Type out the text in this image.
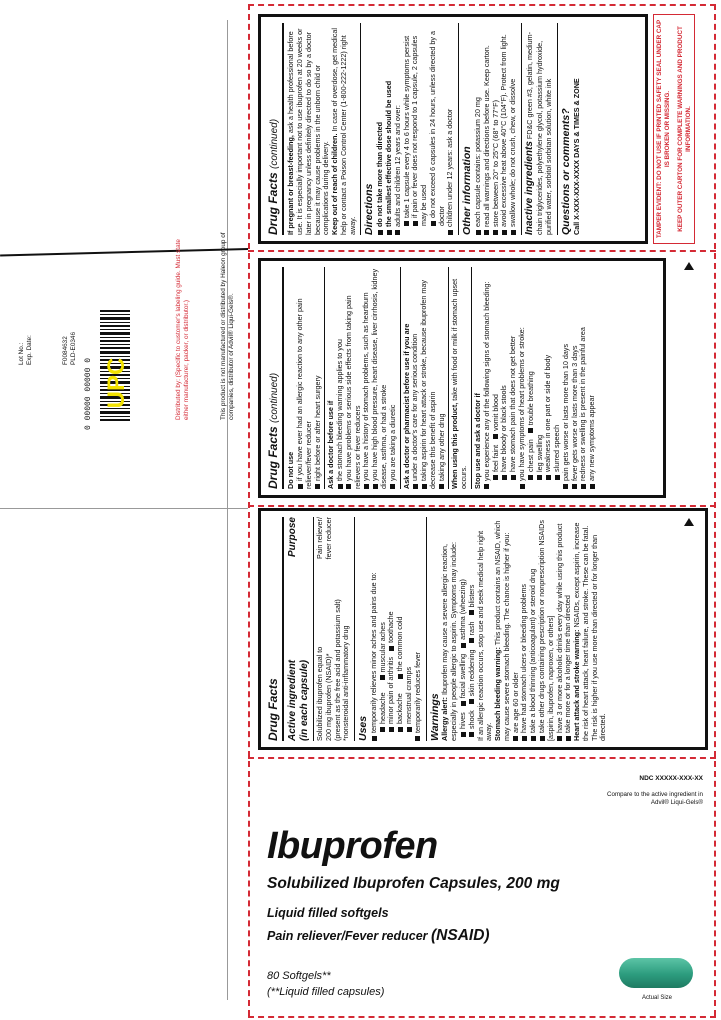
Drug Facts (continued) If pregnant or breast-feeding, ask a health professional before use. It is especially important not to use ibuprofen at 20 weeks or later in pregnancy unless definitely directed to do so by a doctor because it may cause problems in the unborn child or complications during delivery. Keep out of reach of children. In case of overdose, get medical help or contact a Poison Control Center (1-800-222-1222) right away. Directions do not take more than directed the smallest effective dose should be used adults and children 12 years and over: take 1 capsule every 4 to 6 hours while symptoms persist if pain or fever does not respond to 1 capsule, 2 capsules may be used do not exceed 6 capsules in 24 hours, unless directed by a doctor children under 12 years: ask a doctor Other information each capsule contains: potassium 20 mg read all warnings and directions before use. Keep carton. store between 20° to 25°C (68° to 77°F) avoid excessive heat above 40°C (104°F). Protect from light. swallow whole; do not crush, chew, or dissolve Inactive ingredients FD&C green #3, gelatin, medium-chain triglycerides, polyethylene glycol, potassium hydroxide, purified water, sorbitol sorbitan solution, white ink Questions or comments? Call X-XXX-XXX-XXXX DAYS & TIMES & ZONE	TAMPER EVIDENT: DO NOT USE IF PRINTED SAFETY SEAL UNDER CAP IS BROKEN OR MISSING. KEEP OUTER CARTON FOR COMPLETE WARNINGS AND PRODUCT INFORMATION.
Drug Facts (continued)
Do not use if you have ever had an allergic reaction to any other pain reliever/fever reducer right before or after heart surgery Ask a doctor before use if the stomach bleeding warning applies to you you have problems or serious side effects from taking pain relievers or fever reducers you have a history of stomach problems, such as heartburn you have high blood pressure, heart disease, liver cirrhosis, kidney disease, asthma, or had a stroke you are taking a diuretic Ask a doctor or pharmacist before use if you are under a doctor's care for any serious condition taking aspirin for heart attack or stroke, because ibuprofen may decrease this benefit of aspirin taking any other drug When using this product, take with food or milk if stomach upset occurs. Stop use and ask a doctor if you experience any of the following signs of stomach bleeding: feel faint   vomit blood have bloody or black stools have stomach pain that does not get better you have symptoms of heart problems or stroke: chest pain   trouble breathing
leg swelling weakness in one part or side of body slurred speech pain gets worse or lasts more than 10 days fever gets worse or lasts more than 3 days redness or swelling is present in the painful area any new symptoms appear
Drug Facts Active ingredient (in each capsule)
Purpose
Solubilized ibuprofen equal to 200 mg ibuprofen (NSAID)* (present as the free acid and potassium salt) *nonsteroidal anti-inflammatory drug
Pain reliever/ fever reducer
Uses temporarily relieves minor aches and pains due to: headache      muscular aches
minor pain of arthritis   toothache
backache       the common cold
menstrual cramps temporarily reduces fever Warnings Allergy alert: Ibuprofen may cause a severe allergic reaction, especially in people allergic to aspirin. Symptoms may include: hives   facial swelling   asthma (wheezing)
shock   skin reddening   rash   blisters If an allergic reaction occurs, stop use and seek medical help right away. Stomach bleeding warning: This product contains an NSAID, which may cause severe stomach bleeding. The chance is higher if you: are age 60 or older have had stomach ulcers or bleeding problems take a blood thinning (anticoagulant) or steroid drug take other drugs containing prescription or nonprescription NSAIDs [aspirin, ibuprofen, naproxen, or others] have 3 or more alcoholic drinks every day while using this product take more or for a longer time than directed Heart attack and stroke warning: NSAIDs, except aspirin, increase the risk of heart attack, heart failure, and stroke. These can be fatal. The risk is higher if you use more than directed or for longer than directed.
NDC XXXXX-XXX-XX
Compare to the active ingredient in
Advil® Liqui-Gels®
Ibuprofen
Solubilized Ibuprofen Capsules, 200 mg
Liquid filled softgels
Pain reliever/Fever reducer (NSAID)
80 Softgels**
(**Liquid filled capsules)	Actual Size
This product is not manufactured or distributed by Haleon group of companies, distributor of Advil® Liqui-Gels®.
Distributed by: (Specific to customer's labeling guide. Must state either manufacturer, packer, or distributor.)
F0084632 PLD-E0346
Lot No.: Exp. Date:
UPC
0 00000 00000 0
